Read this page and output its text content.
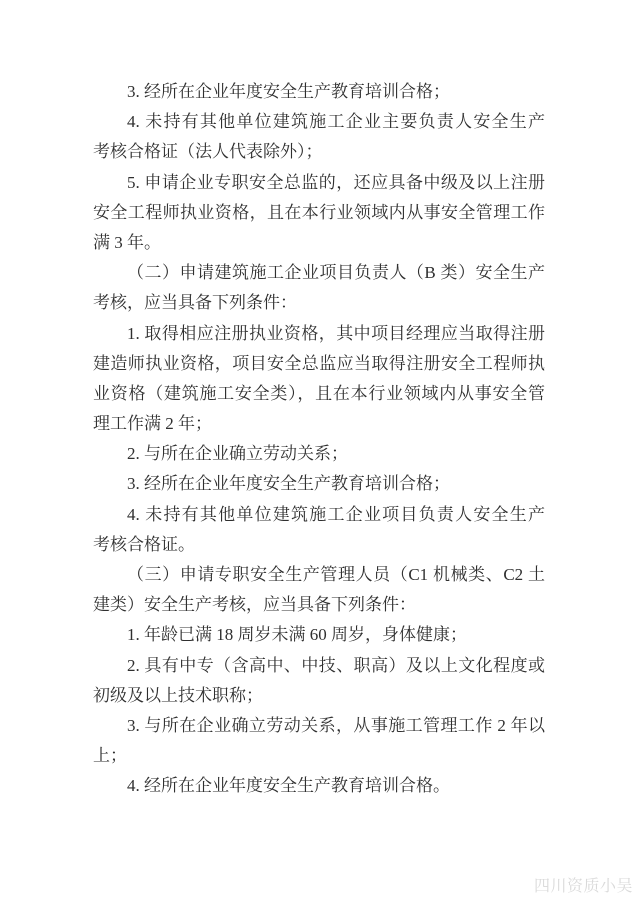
3. 经所在企业年度安全生产教育培训合格；
4. 未持有其他单位建筑施工企业主要负责人安全生产
考核合格证（法人代表除外）；
5. 申请企业专职安全总监的，还应具备中级及以上注册
安全工程师执业资格，且在本行业领域内从事安全管理工作
满 3 年。
（二）申请建筑施工企业项目负责人（B 类）安全生产
考核，应当具备下列条件：
1. 取得相应注册执业资格，其中项目经理应当取得注册
建造师执业资格，项目安全总监应当取得注册安全工程师执
业资格（建筑施工安全类），且在本行业领域内从事安全管
理工作满 2 年；
2. 与所在企业确立劳动关系；
3. 经所在企业年度安全生产教育培训合格；
4. 未持有其他单位建筑施工企业项目负责人安全生产
考核合格证。
（三）申请专职安全生产管理人员（C1 机械类、C2 土
建类）安全生产考核，应当具备下列条件：
1. 年龄已满 18 周岁未满 60 周岁，身体健康；
2. 具有中专（含高中、中技、职高）及以上文化程度或
初级及以上技术职称；
3. 与所在企业确立劳动关系，从事施工管理工作 2 年以
上；
4. 经所在企业年度安全生产教育培训合格。
四川资质小吴
